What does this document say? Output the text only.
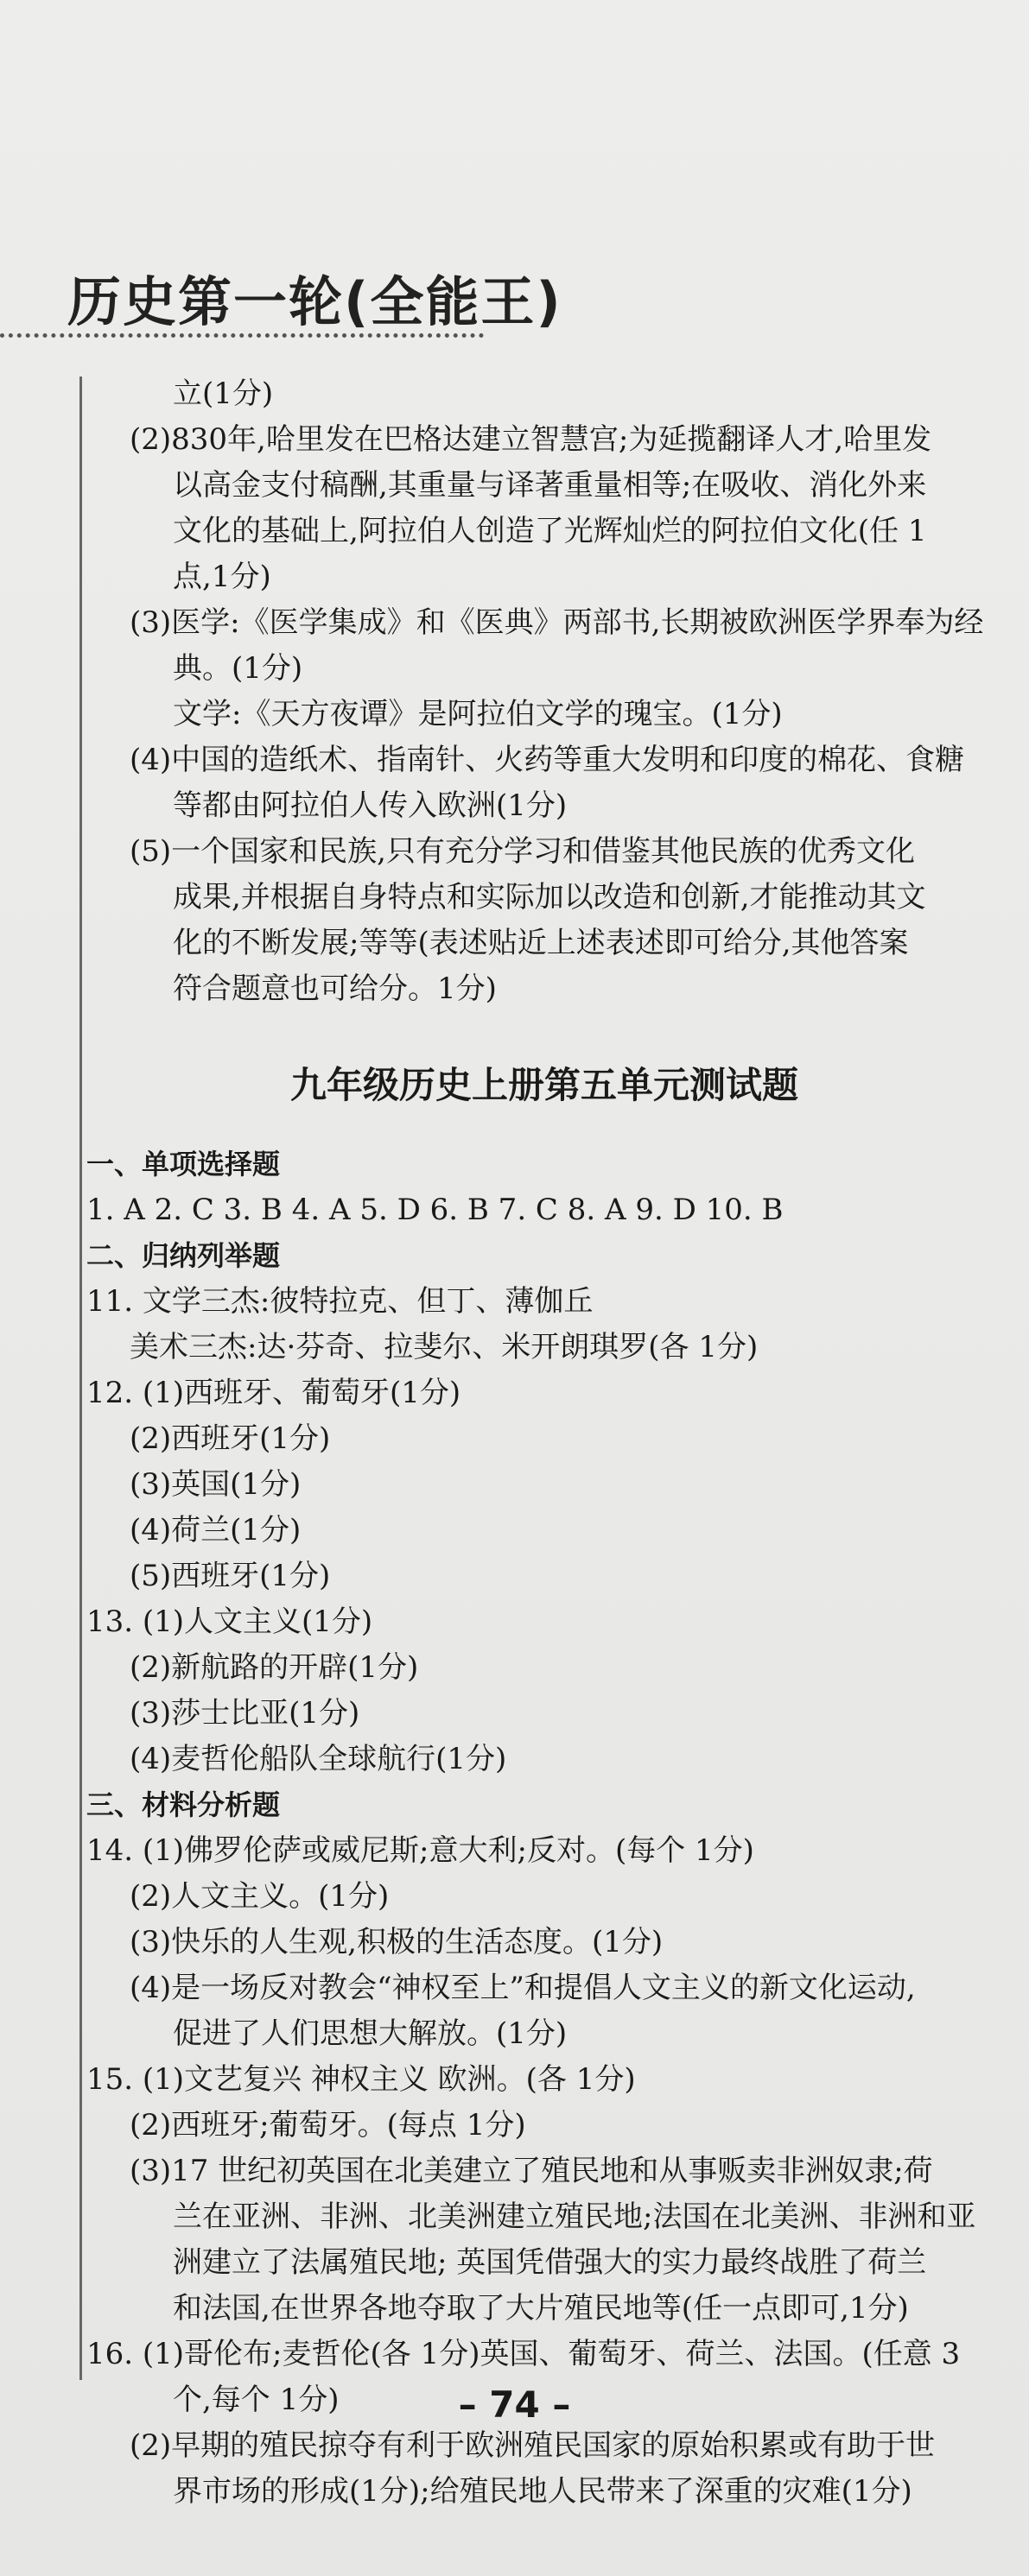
历史第一轮(全能王)
立(1分)
(2)830年,哈里发在巴格达建立智慧宫;为延揽翻译人才,哈里发
以高金支付稿酬,其重量与译著重量相等;在吸收、消化外来
文化的基础上,阿拉伯人创造了光辉灿烂的阿拉伯文化(任 1
点,1分)
(3)医学:《医学集成》和《医典》两部书,长期被欧洲医学界奉为经
典。(1分)
文学:《天方夜谭》是阿拉伯文学的瑰宝。(1分)
(4)中国的造纸术、指南针、火药等重大发明和印度的棉花、食糖
等都由阿拉伯人传入欧洲(1分)
(5)一个国家和民族,只有充分学习和借鉴其他民族的优秀文化
成果,并根据自身特点和实际加以改造和创新,才能推动其文
化的不断发展;等等(表述贴近上述表述即可给分,其他答案
符合题意也可给分。1分)
九年级历史上册第五单元测试题
一、单项选择题
1. A 2. C 3. B 4. A 5. D 6. B 7. C 8. A 9. D 10. B
二、归纳列举题
11. 文学三杰:彼特拉克、但丁、薄伽丘
美术三杰:达·芬奇、拉斐尔、米开朗琪罗(各 1分)
12. (1)西班牙、葡萄牙(1分)
(2)西班牙(1分)
(3)英国(1分)
(4)荷兰(1分)
(5)西班牙(1分)
13. (1)人文主义(1分)
(2)新航路的开辟(1分)
(3)莎士比亚(1分)
(4)麦哲伦船队全球航行(1分)
三、材料分析题
14. (1)佛罗伦萨或威尼斯;意大利;反对。(每个 1分)
(2)人文主义。(1分)
(3)快乐的人生观,积极的生活态度。(1分)
(4)是一场反对教会“神权至上”和提倡人文主义的新文化运动,
促进了人们思想大解放。(1分)
15. (1)文艺复兴 神权主义 欧洲。(各 1分)
(2)西班牙;葡萄牙。(每点 1分)
(3)17 世纪初英国在北美建立了殖民地和从事贩卖非洲奴隶;荷
兰在亚洲、非洲、北美洲建立殖民地;法国在北美洲、非洲和亚
洲建立了法属殖民地; 英国凭借强大的实力最终战胜了荷兰
和法国,在世界各地夺取了大片殖民地等(任一点即可,1分)
16. (1)哥伦布;麦哲伦(各 1分)英国、葡萄牙、荷兰、法国。(任意 3
个,每个 1分)
(2)早期的殖民掠夺有利于欧洲殖民国家的原始积累或有助于世
界市场的形成(1分);给殖民地人民带来了深重的灾难(1分)
– 74 –
